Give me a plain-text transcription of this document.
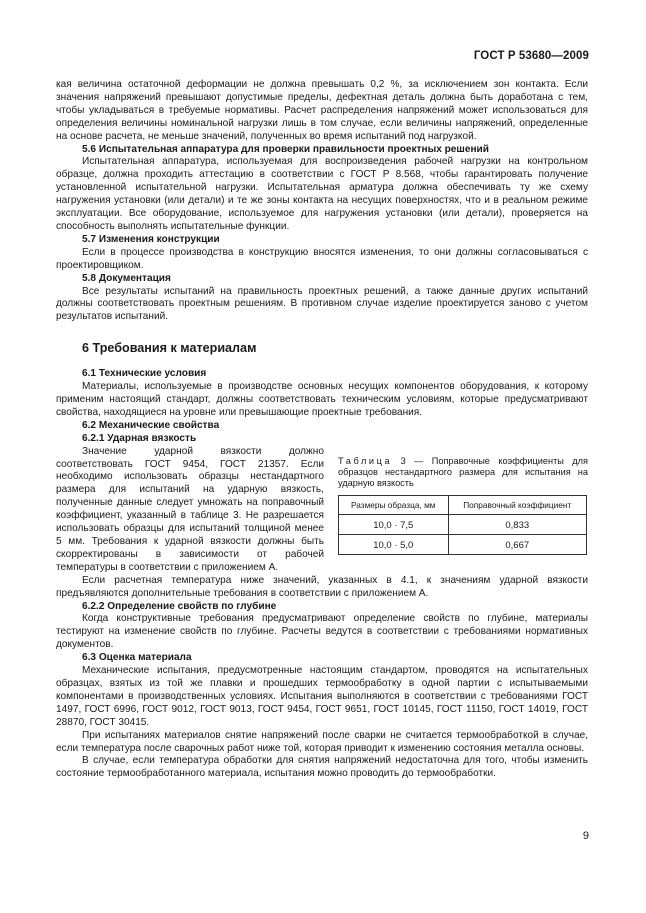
ГОСТ Р 53680—2009

кая величина остаточной деформации не должна превышать 0,2 %, за исключением зон контакта. Если значения напряжений превышают допустимые пределы, дефектная деталь должна быть доработана с тем, чтобы укладываться в требуемые нормативы. Расчет распределения напряжений может использоваться для определения величины номинальной нагрузки лишь в том случае, если величины напряжений, определенные на основе расчета, не меньше значений, полученных во время испытаний под нагрузкой.

5.6 Испытательная аппаратура для проверки правильности проектных решений

Испытательная аппаратура, используемая для воспроизведения рабочей нагрузки на контрольном образце, должна проходить аттестацию в соответствии с ГОСТ Р 8.568, чтобы гарантировать получение установленной испытательной нагрузки. Испытательная арматура должна обеспечивать ту же схему нагружения установки (или детали) и те же зоны контакта на несущих поверхностях, что и в реальном режиме эксплуатации. Все оборудование, используемое для нагружения установки (или детали), проверяется на способность выполнять испытательные функции.

5.7 Изменения конструкции

Если в процессе производства в конструкцию вносятся изменения, то они должны согласовываться с проектировщиком.

5.8 Документация

Все результаты испытаний на правильность проектных решений, а также данные других испытаний должны соответствовать проектным решениям. В противном случае изделие проектируется заново с учетом результатов испытаний.

6 Требования к материалам

6.1 Технические условия

Материалы, используемые в производстве основных несущих компонентов оборудования, к которому применим настоящий стандарт, должны соответствовать техническим условиям, которые предусматривают свойства, находящиеся на уровне или превышающие проектные требования.

6.2 Механические свойства

6.2.1 Ударная вязкость

Таблица 3 — Поправочные коэффициенты для образцов нестандартного размера для испытания на ударную вязкость

Размеры образца, мм	Поправочный коэффициент
10,0 · 7,5	0,833
10,0 · 5,0	0,667

Значение ударной вязкости должно соответствовать ГОСТ 9454, ГОСТ 21357. Если необходимо использовать образцы нестандартного размера для испытаний на ударную вязкость, полученные данные следует умножать на поправочный коэффициент, указанный в таблице 3. Не разрешается использовать образцы для испытаний толщиной менее 5 мм. Требования к ударной вязкости должны быть скорректированы в зависимости от рабочей температуры в соответствии с приложением А.

Если расчетная температура ниже значений, указанных в 4.1, к значениям ударной вязкости предъявляются дополнительные требования в соответствии с приложением А.

6.2.2 Определение свойств по глубине

Когда конструктивные требования предусматривают определение свойств по глубине, материалы тестируют на изменение свойств по глубине. Расчеты ведутся в соответствии с требованиями нормативных документов.

6.3 Оценка материала

Механические испытания, предусмотренные настоящим стандартом, проводятся на испытательных образцах, взятых из той же плавки и прошедших термообработку в одной партии с испытываемыми компонентами в производственных условиях. Испытания выполняются в соответствии с требованиями ГОСТ 1497, ГОСТ 6996, ГОСТ 9012, ГОСТ 9013, ГОСТ 9454, ГОСТ 9651, ГОСТ 10145, ГОСТ 11150, ГОСТ 14019, ГОСТ 28870, ГОСТ 30415.

При испытаниях материалов снятие напряжений после сварки не считается термообработкой в случае, если температура после сварочных работ ниже той, которая приводит к изменению состояния металла основы.

В случае, если температура обработки для снятия напряжений недостаточна для того, чтобы изменить состояние термообработанного материала, испытания можно проводить до термообработки.

9
